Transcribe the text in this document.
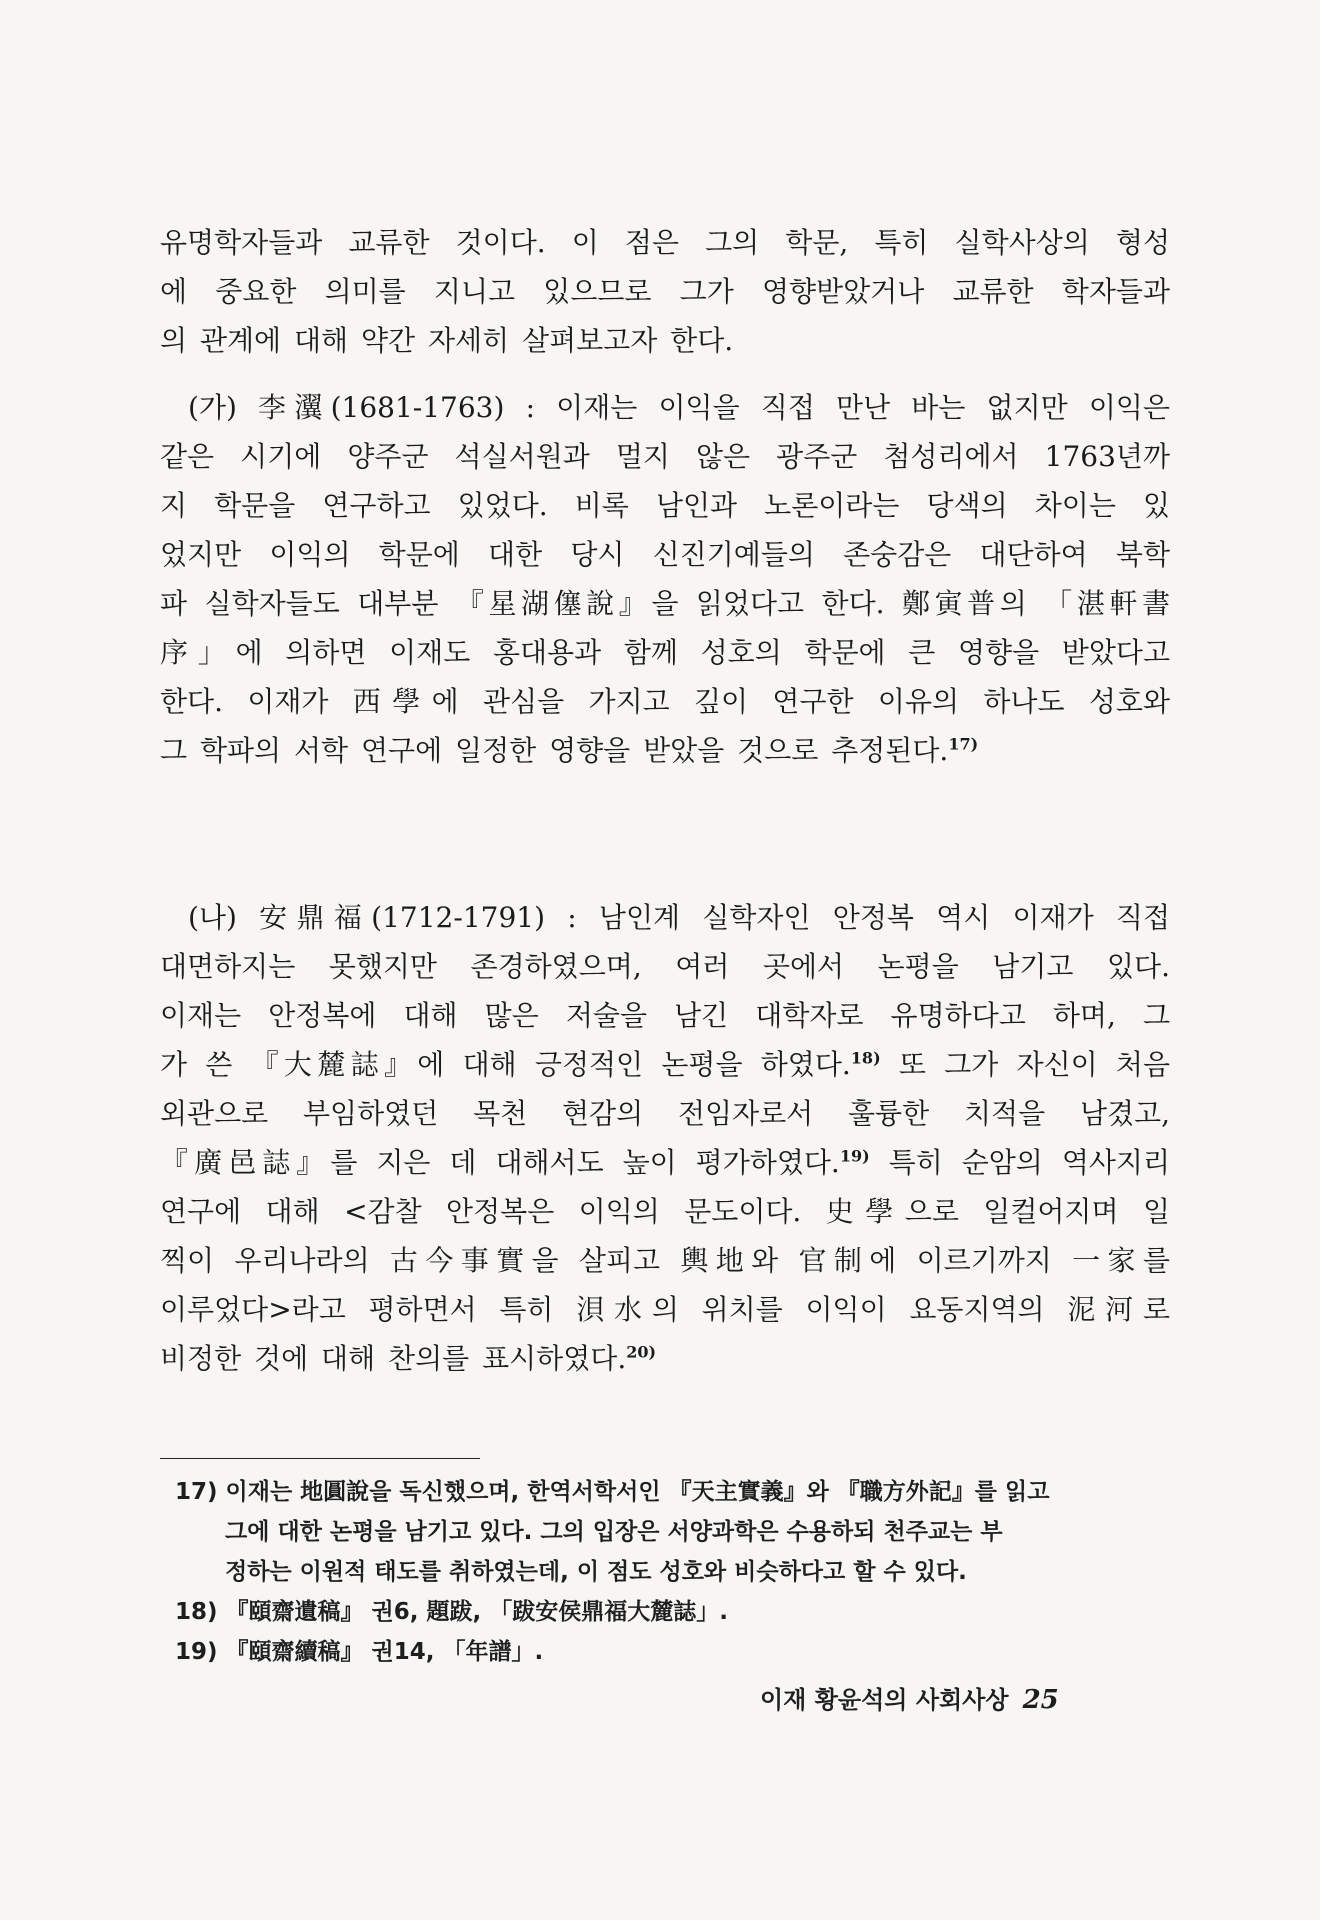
유명학자들과 교류한 것이다. 이 점은 그의 학문, 특히 실학사상의 형성
에 중요한 의미를 지니고 있으므로 그가 영향받았거나 교류한 학자들과
의 관계에 대해 약간 자세히 살펴보고자 한다.
(가) 李瀷(1681-1763) : 이재는 이익을 직접 만난 바는 없지만 이익은
같은 시기에 양주군 석실서원과 멀지 않은 광주군 첨성리에서 1763년까
지 학문을 연구하고 있었다. 비록 남인과 노론이라는 당색의 차이는 있
었지만 이익의 학문에 대한 당시 신진기예들의 존숭감은 대단하여 북학
파 실학자들도 대부분 『星湖僿說』을 읽었다고 한다. 鄭寅普의 「湛軒書
序」에 의하면 이재도 홍대용과 함께 성호의 학문에 큰 영향을 받았다고
한다. 이재가 西學에 관심을 가지고 깊이 연구한 이유의 하나도 성호와
그 학파의 서학 연구에 일정한 영향을 받았을 것으로 추정된다.$^{17)}$
(나) 安鼎福(1712-1791) : 남인계 실학자인 안정복 역시 이재가 직접
대면하지는 못했지만 존경하였으며, 여러 곳에서 논평을 남기고 있다.
이재는 안정복에 대해 많은 저술을 남긴 대학자로 유명하다고 하며, 그
가 쓴 『大麓誌』에 대해 긍정적인 논평을 하였다.$^{18)}$ 또 그가 자신이 처음
외관으로 부임하였던 목천 현감의 전임자로서 훌륭한 치적을 남겼고,
『廣邑誌』를 지은 데 대해서도 높이 평가하였다.$^{19)}$ 특히 순암의 역사지리
연구에 대해 <감찰 안정복은 이익의 문도이다. 史學으로 일컬어지며 일
찍이 우리나라의 古今事實을 살피고 輿地와 官制에 이르기까지 一家를
이루었다>라고 평하면서 특히 浿水의 위치를 이익이 요동지역의 泥河로
비정한 것에 대해 찬의를 표시하였다.$^{20)}$
17) 이재는 地圓說을 독신했으며, 한역서학서인 『天主實義』와 『職方外記』를 읽고
그에 대한 논평을 남기고 있다. 그의 입장은 서양과학은 수용하되 천주교는 부
정하는 이원적 태도를 취하였는데, 이 점도 성호와 비슷하다고 할 수 있다.
18) 『頤齋遺稿』 권6, 題跋, 「跋安侯鼎福大麓誌」.
19) 『頤齋續稿』 권14, 「年譜」.
이재 황윤석의 사회사상 25
